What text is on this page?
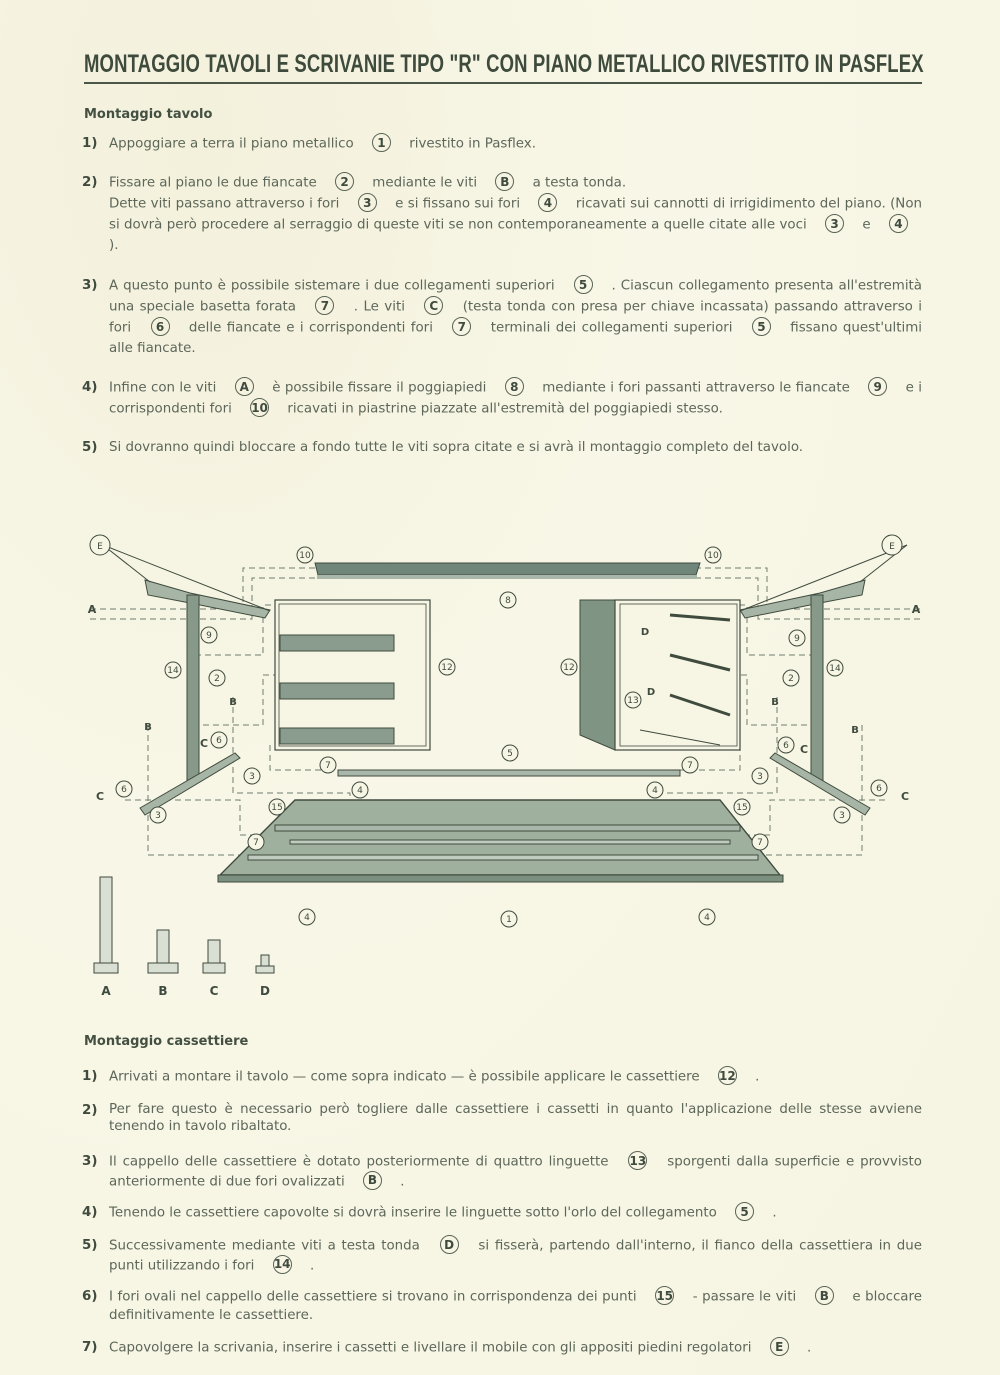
MONTAGGIO TAVOLI E SCRIVANIE TIPO "R" CON PIANO METALLICO RIVESTITO IN PASFLEX
Montaggio tavolo
1) Appoggiare a terra il piano metallico 1 rivestito in Pasflex.
2) Fissare al piano le due fiancate 2 mediante le viti B a testa tonda.
Dette viti passano attraverso i fori 3 e si fissano sui fori 4 ricavati sui cannotti di irrigidimento del piano. (Non si dovrà però procedere al serraggio di queste viti se non contemporaneamente a quelle citate alle voci 3 e 4 ).
3) A questo punto è possibile sistemare i due collegamenti superiori 5 . Ciascun collegamento presenta all'estremità una speciale basetta forata 7 . Le viti C (testa tonda con presa per chiave incassata) passando attraverso i fori 6 delle fiancate e i corrispondenti fori 7 terminali dei collegamenti superiori 5 fissano quest'ultimi alle fiancate.
4) Infine con le viti A è possibile fissare il poggiapiedi 8 mediante i fori passanti attraverso le fiancate 9 e i corrispondenti fori 10 ricavati in piastrine piazzate all'estremità del poggiapiedi stesso.
5) Si dovranno quindi bloccare a fondo tutte le viti sopra citate e si avrà il montaggio completo del tavolo.
E	E
A	A
10	10
8
9	9
14	14
2	2
12	12
13
B	B
B	B
D
D
6
6
6
6
3
3
3
3
C
C	C
C
7	7
7	7
5
4	4
4	4
15	15
1
A	B	C	D
Montaggio cassettiere
1) Arrivati a montare il tavolo — come sopra indicato — è possibile applicare le cassettiere 12 .
2) Per fare questo è necessario però togliere dalle cassettiere i cassetti in quanto l'applicazione delle stesse avviene tenendo in tavolo ribaltato.
3) Il cappello delle cassettiere è dotato posteriormente di quattro linguette 13 sporgenti dalla superficie e provvisto anteriormente di due fori ovalizzati B .
4) Tenendo le cassettiere capovolte si dovrà inserire le linguette sotto l'orlo del collegamento 5 .
5) Successivamente mediante viti a testa tonda D si fisserà, partendo dall'interno, il fianco della cassettiera in due punti utilizzando i fori 14 .
6) I fori ovali nel cappello delle cassettiere si trovano in corrispondenza dei punti 15 - passare le viti B e bloccare definitivamente le cassettiere.
7) Capovolgere la scrivania, inserire i cassetti e livellare il mobile con gli appositi piedini regolatori E .
